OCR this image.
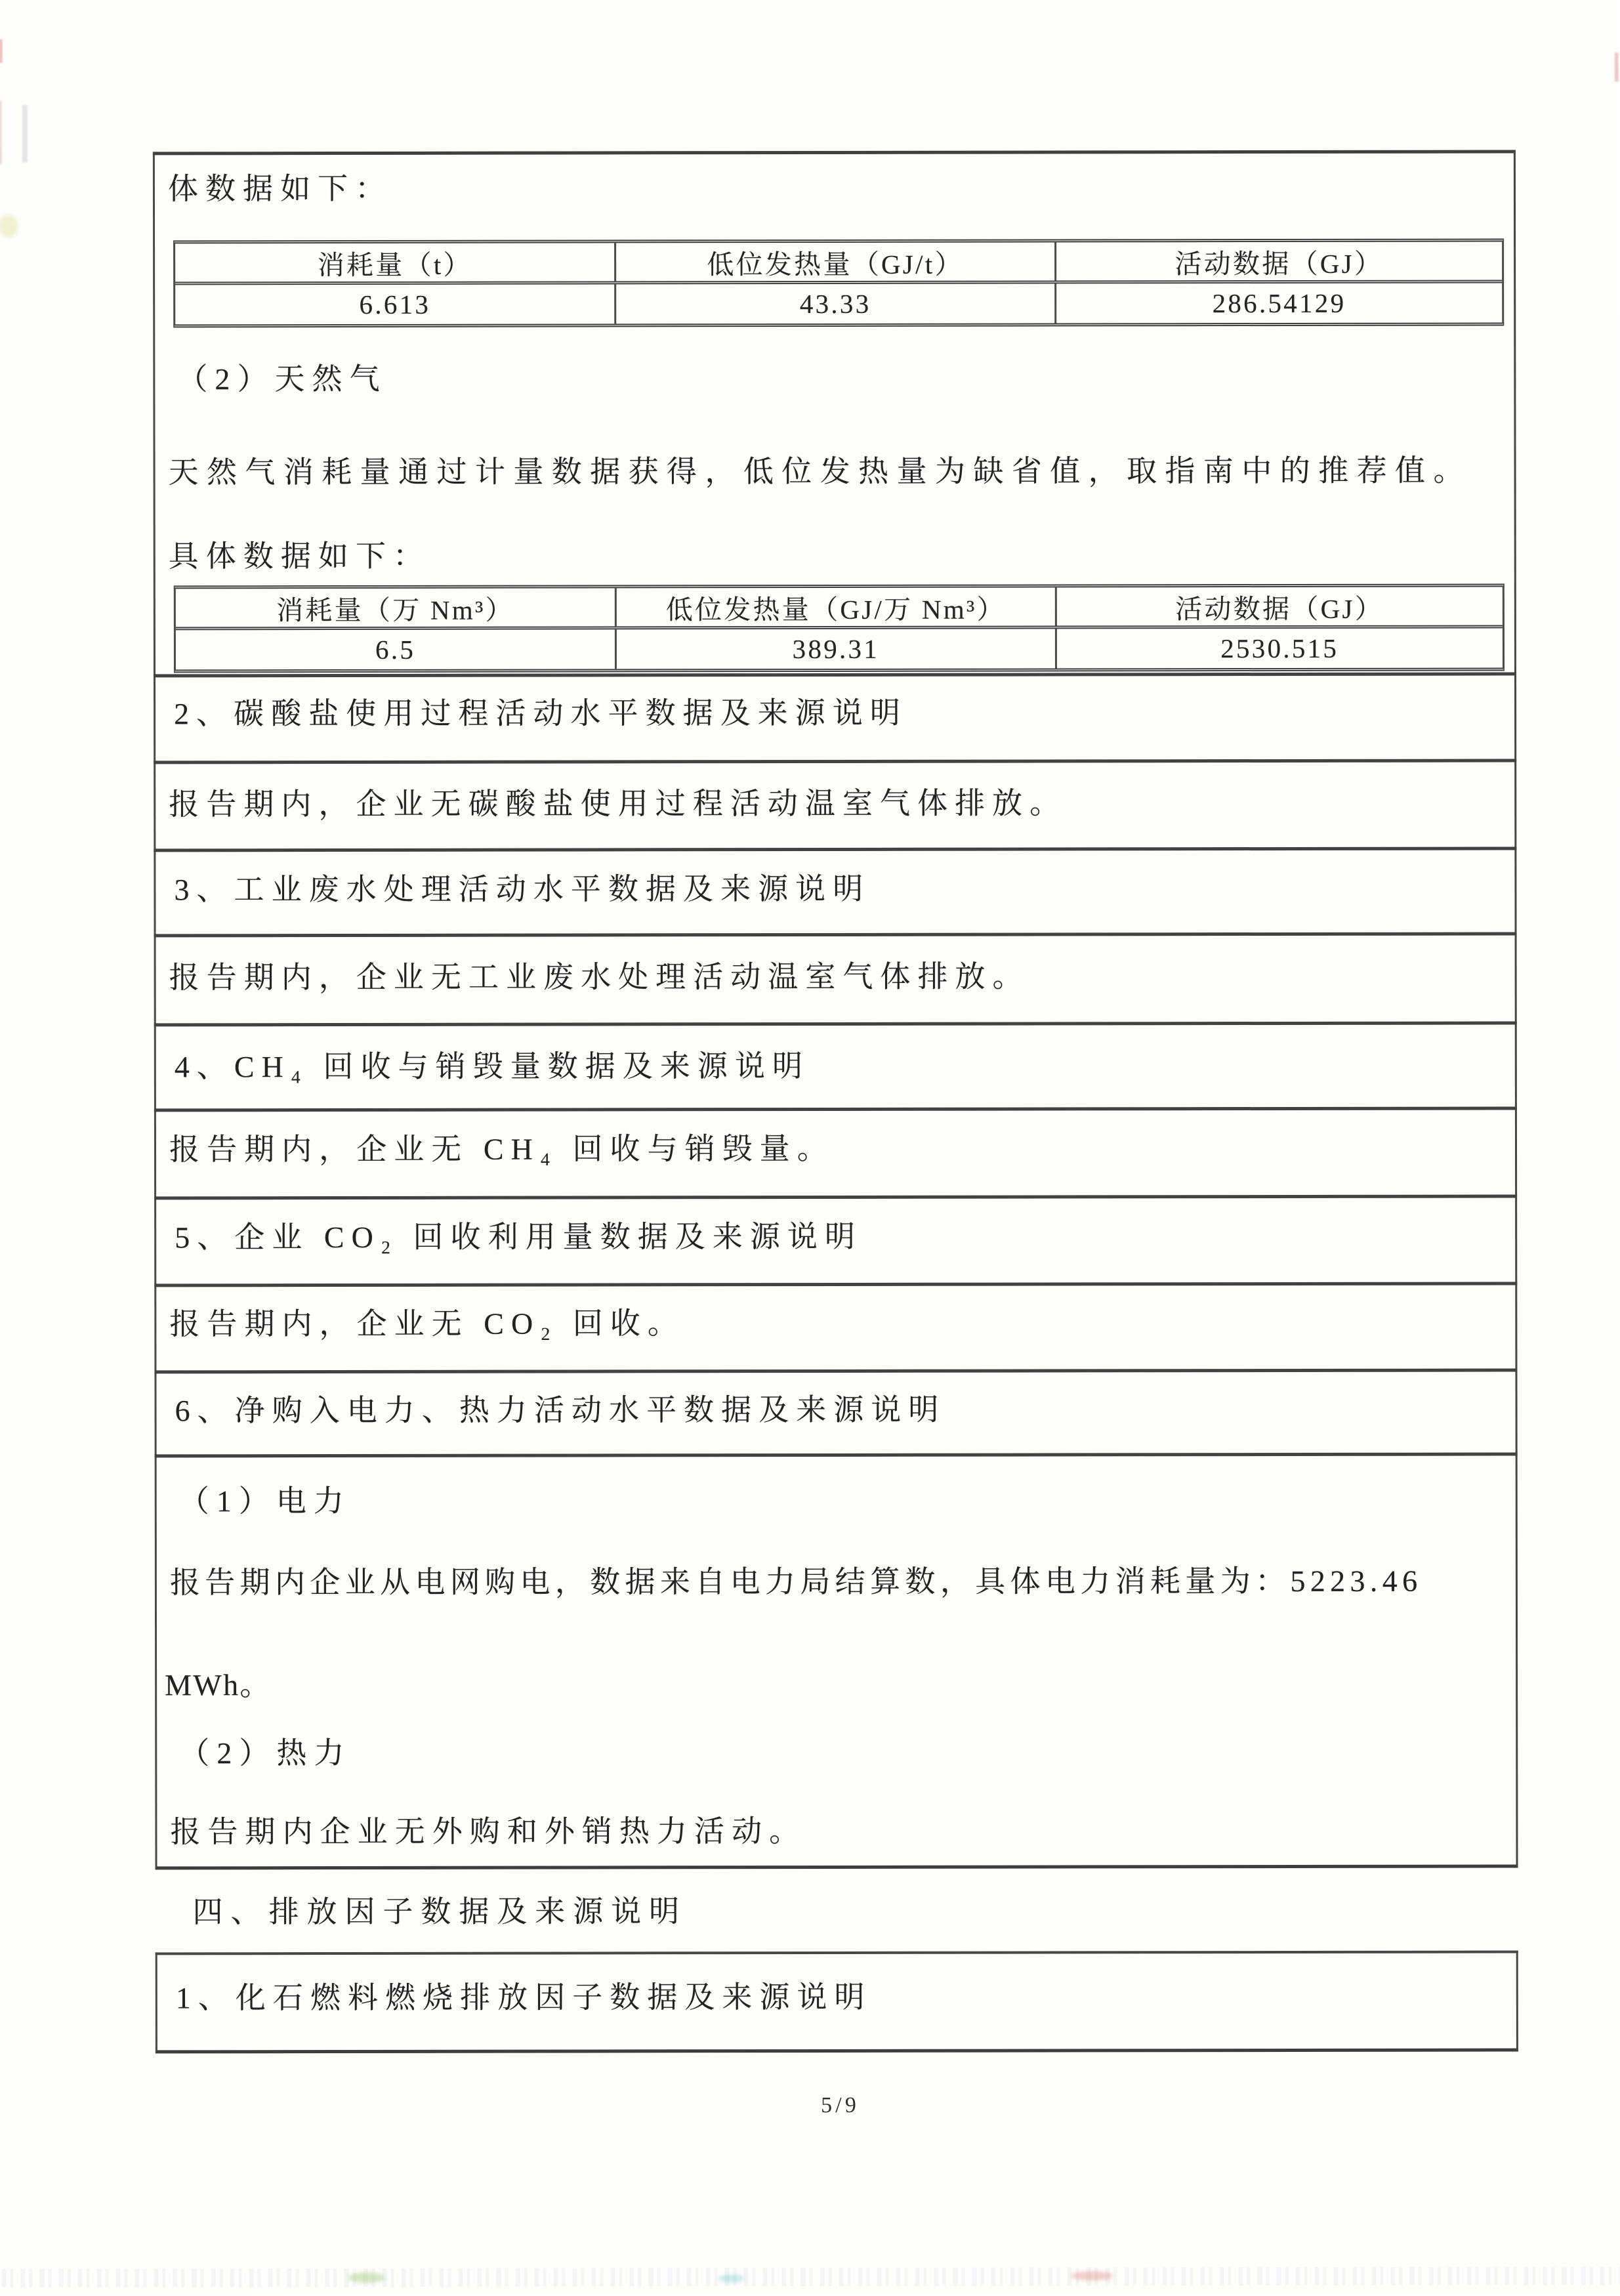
体数据如下：
消耗量（t）	低位发热量（GJ/t）	活动数据（GJ）
6.613	43.33	286.54129
（2）天然气
天然气消耗量通过计量数据获得，低位发热量为缺省值，取指南中的推荐值。
具体数据如下：
消耗量（万 Nm³）	低位发热量（GJ/万 Nm³）	活动数据（GJ）
6.5	389.31	2530.515
2、碳酸盐使用过程活动水平数据及来源说明
报告期内，企业无碳酸盐使用过程活动温室气体排放。
3、工业废水处理活动水平数据及来源说明
报告期内，企业无工业废水处理活动温室气体排放。
4、CH₄ 回收与销毁量数据及来源说明
报告期内，企业无 CH₄ 回收与销毁量。
5、企业 CO₂ 回收利用量数据及来源说明
报告期内，企业无 CO₂ 回收。
6、净购入电力、热力活动水平数据及来源说明
（1）电力
报告期内企业从电网购电，数据来自电力局结算数，具体电力消耗量为：5223.46
MWh。
（2）热力
报告期内企业无外购和外销热力活动。
四、排放因子数据及来源说明
1、化石燃料燃烧排放因子数据及来源说明
5/9
